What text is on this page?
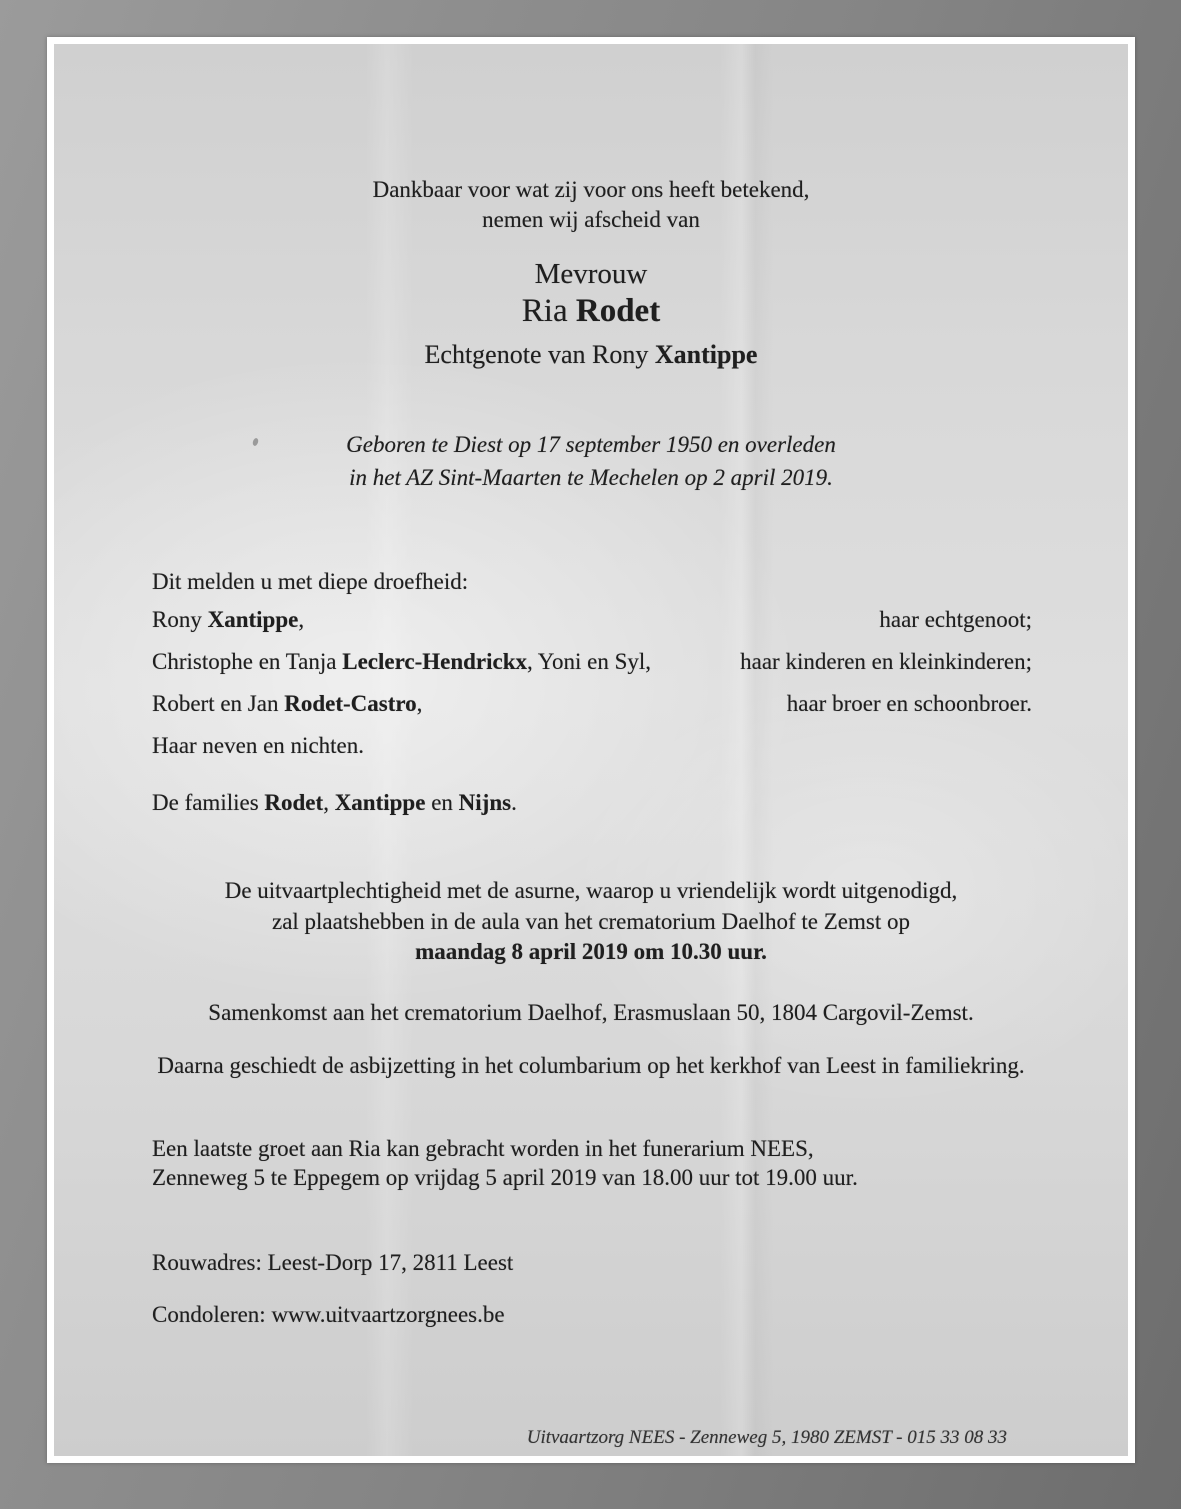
Dankbaar voor wat zij voor ons heeft betekend,
nemen wij afscheid van
Mevrouw
Ria Rodet
Echtgenote van Rony Xantippe
Geboren te Diest op 17 september 1950 en overleden
in het AZ Sint-Maarten te Mechelen op 2 april 2019.
Dit melden u met diepe droefheid:
Rony Xantippe,	haar echtgenoot;
Christophe en Tanja Leclerc-Hendrickx, Yoni en Syl,	haar kinderen en kleinkinderen;
Robert en Jan Rodet-Castro,	haar broer en schoonbroer.
Haar neven en nichten.
De families Rodet, Xantippe en Nijns.
De uitvaartplechtigheid met de asurne, waarop u vriendelijk wordt uitgenodigd,
zal plaatshebben in de aula van het crematorium Daelhof te Zemst op
maandag 8 april 2019 om 10.30 uur.
Samenkomst aan het crematorium Daelhof, Erasmuslaan 50, 1804 Cargovil-Zemst.
Daarna geschiedt de asbijzetting in het columbarium op het kerkhof van Leest in familiekring.
Een laatste groet aan Ria kan gebracht worden in het funerarium NEES,
Zenneweg 5 te Eppegem op vrijdag 5 april 2019 van 18.00 uur tot 19.00 uur.
Rouwadres: Leest-Dorp 17, 2811 Leest
Condoleren: www.uitvaartzorgnees.be
Uitvaartzorg NEES - Zenneweg 5, 1980 ZEMST - 015 33 08 33
